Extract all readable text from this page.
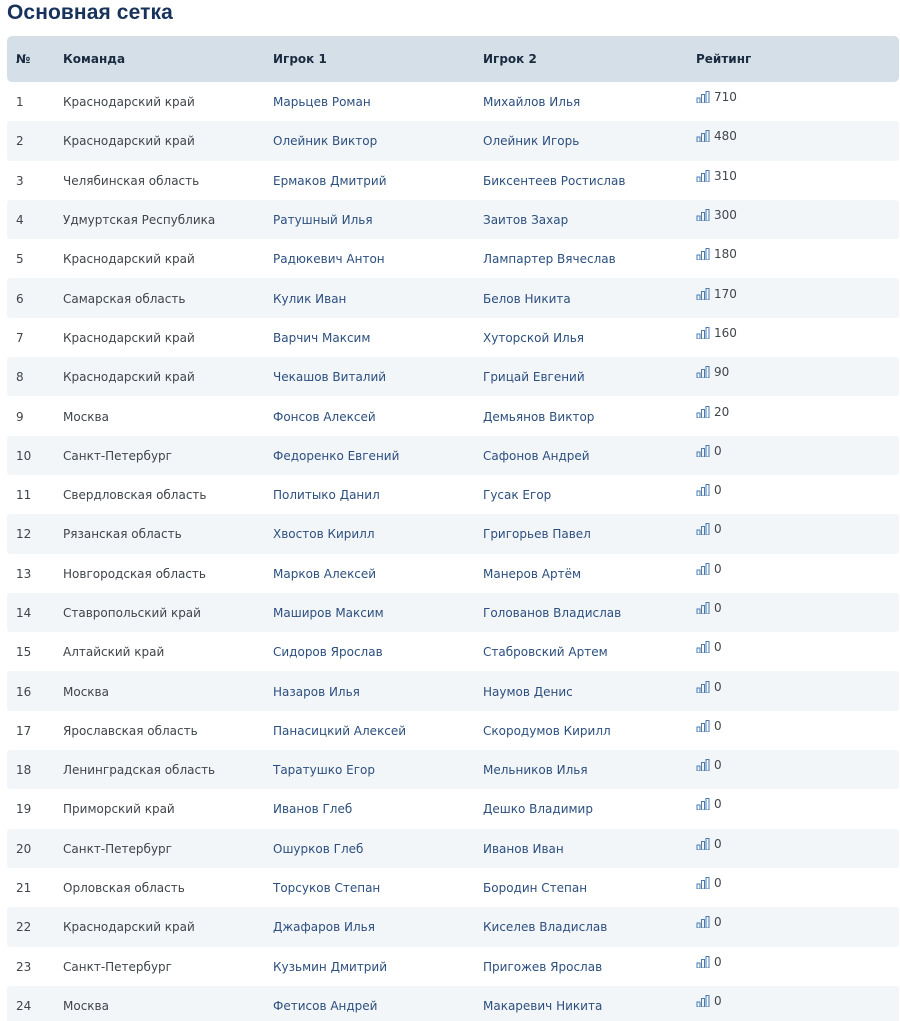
Основная сетка
№	Команда	Игрок 1	Игрок 2	Рейтинг
1	Краснодарский край	Марьцев Роман	Михайлов Илья	710
2	Краснодарский край	Олейник Виктор	Олейник Игорь	480
3	Челябинская область	Ермаков Дмитрий	Биксентеев Ростислав	310
4	Удмуртская Республика	Ратушный Илья	Заитов Захар	300
5	Краснодарский край	Радюкевич Антон	Лампартер Вячеслав	180
6	Самарская область	Кулик Иван	Белов Никита	170
7	Краснодарский край	Варчич Максим	Хуторской Илья	160
8	Краснодарский край	Чекашов Виталий	Грицай Евгений	90
9	Москва	Фонсов Алексей	Демьянов Виктор	20
10	Санкт-Петербург	Федоренко Евгений	Сафонов Андрей	0
11	Свердловская область	Политыко Данил	Гусак Егор	0
12	Рязанская область	Хвостов Кирилл	Григорьев Павел	0
13	Новгородская область	Марков Алексей	Манеров Артём	0
14	Ставропольский край	Маширов Максим	Голованов Владислав	0
15	Алтайский край	Сидоров Ярослав	Стабровский Артем	0
16	Москва	Назаров Илья	Наумов Денис	0
17	Ярославская область	Панасицкий Алексей	Скородумов Кирилл	0
18	Ленинградская область	Таратушко Егор	Мельников Илья	0
19	Приморский край	Иванов Глеб	Дешко Владимир	0
20	Санкт-Петербург	Ошурков Глеб	Иванов Иван	0
21	Орловская область	Торсуков Степан	Бородин Степан	0
22	Краснодарский край	Джафаров Илья	Киселев Владислав	0
23	Санкт-Петербург	Кузьмин Дмитрий	Пригожев Ярослав	0
24	Москва	Фетисов Андрей	Макаревич Никита	0
